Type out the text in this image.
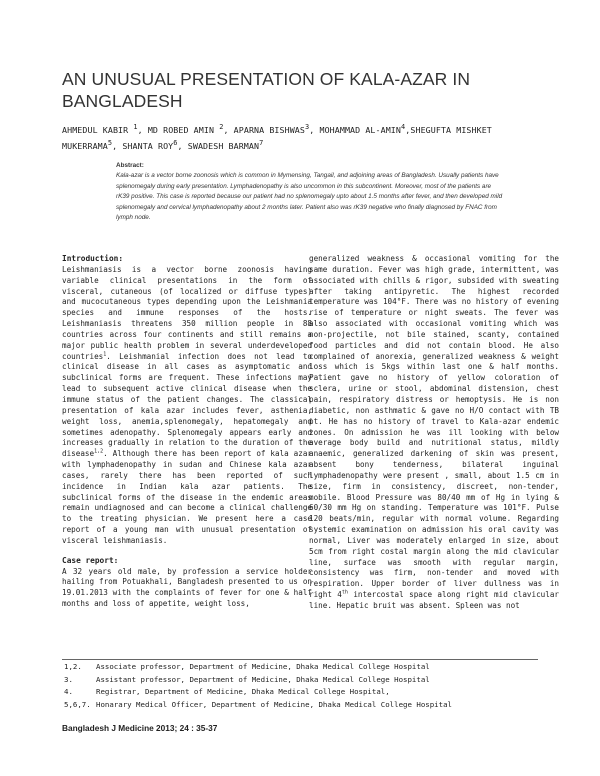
AN UNUSUAL PRESENTATION OF KALA-AZAR IN BANGLADESH
AHMEDUL KABIR $^1$, MD ROBED AMIN $^2$, APARNA BISHWAS$^3$, MOHAMMAD AL-AMIN$^4$,SHEGUFTA MISHKET MUKERRAMA$^5$, SHANTA ROY$^6$, SWADESH BARMAN$^7$
Abstract:
Kala-azar is a vector borne zoonosis which is common in Mymensing, Tangail, and adjoining areas of Bangladesh. Usually patients have splenomegaly during early presentation. Lymphadenopathy is also uncommon in this subcontinent. Moreover, most of the patients are rK39 positive. This case is reported because our patient had no splenomegaly upto about 1.5 months after fever, and then developed mild splenomegaly and cervical lymphadenopathy about 2 months later. Patient also was rK39 negative who finally diagnosed by FNAC from lymph node.

Introduction:
Leishmaniasis is a vector borne zoonosis having variable clinical presentations in the form of visceral, cutaneous (of localized or diffuse types) and mucocutaneous types depending upon the Leishmania species and immune responses of the hosts. Leishmaniasis threatens 350 million people in 88 countries across four continents and still remains a major public health problem in several underdeveloped countries$^1$. Leishmanial infection does not lead to clinical disease in all cases as asymptomatic and subclinical forms are frequent. These infections may lead to subsequent active clinical disease when the immune status of the patient changes. The classical presentation of kala azar includes fever, asthenia, weight loss, anemia,splenomegaly, hepatomegaly and sometimes adenopathy. Splenomegaly appears early and increases gradually in relation to the duration of the disease$^{1,2}$. Although there has been report of kala azar with lymphadenopathy in sudan and Chinese kala azar cases, rarely there has been reported of such incidence in Indian kala azar patients. The subclinical forms of the disease in the endemic areas remain undiagnosed and can become a clinical challenge to the treating physician. We present here a case report of a young man with unusual presentation of visceral leishmaniasis.

Case report:
A 32 years old male, by profession a service holder hailing from Potuakhali, Bangladesh presented to us on 19.01.2013 with the complaints of fever for one & half months and loss of appetite, weight loss,

generalized weakness & occasional vomiting for the same duration. Fever was high grade, intermittent, was associated with chills & rigor, subsided with sweating after taking antipyretic. The highest recorded temperature was 104°F. There was no history of evening rise of temperature or night sweats. The fever was also associated with occasional vomiting which was non-projectile, not bile stained, scanty, contained food particles and did not contain blood. He also complained of anorexia, generalized weakness & weight loss which is 5kgs within last one & half months. Patient gave no history of yellow coloration of sclera, urine or stool, abdominal distension, chest pain, respiratory distress or hemoptysis. He is non diabetic, non asthmatic & gave no H/O contact with TB pt. He has no history of travel to Kala-azar endemic zones. On admission he was ill looking with below average body build and nutritional status, mildly anaemic, generalized darkening of skin was present, absent bony tenderness, bilateral inguinal lymphadenopathy were present , small, about 1.5 cm in size, firm in consistency, discreet, non-tender, mobile. Blood Pressure was 80/40 mm of Hg in lying & 60/30 mm Hg on standing. Temperature was 101°F. Pulse 120 beats/min, regular with normal volume. Regarding systemic examination on admission his oral cavity was normal, Liver was moderately enlarged in size, about 5cm from right costal margin along the mid clavicular line, surface was smooth with regular margin, consistency was firm, non-tender and moved with respiration. Upper border of liver dullness was in right 4th intercostal space along right mid clavicular line. Hepatic bruit was absent. Spleen was not

1,2.	Associate professor, Department of Medicine, Dhaka Medical College Hospital
3.	Assistant professor, Department of Medicine, Dhaka Medical College Hospital
4.	Registrar, Department of Medicine, Dhaka Medical College Hospital,
5,6,7. Honarary Medical Officer, Department of Medicine, Dhaka Medical College Hospital
Bangladesh J Medicine 2013; 24 : 35-37
